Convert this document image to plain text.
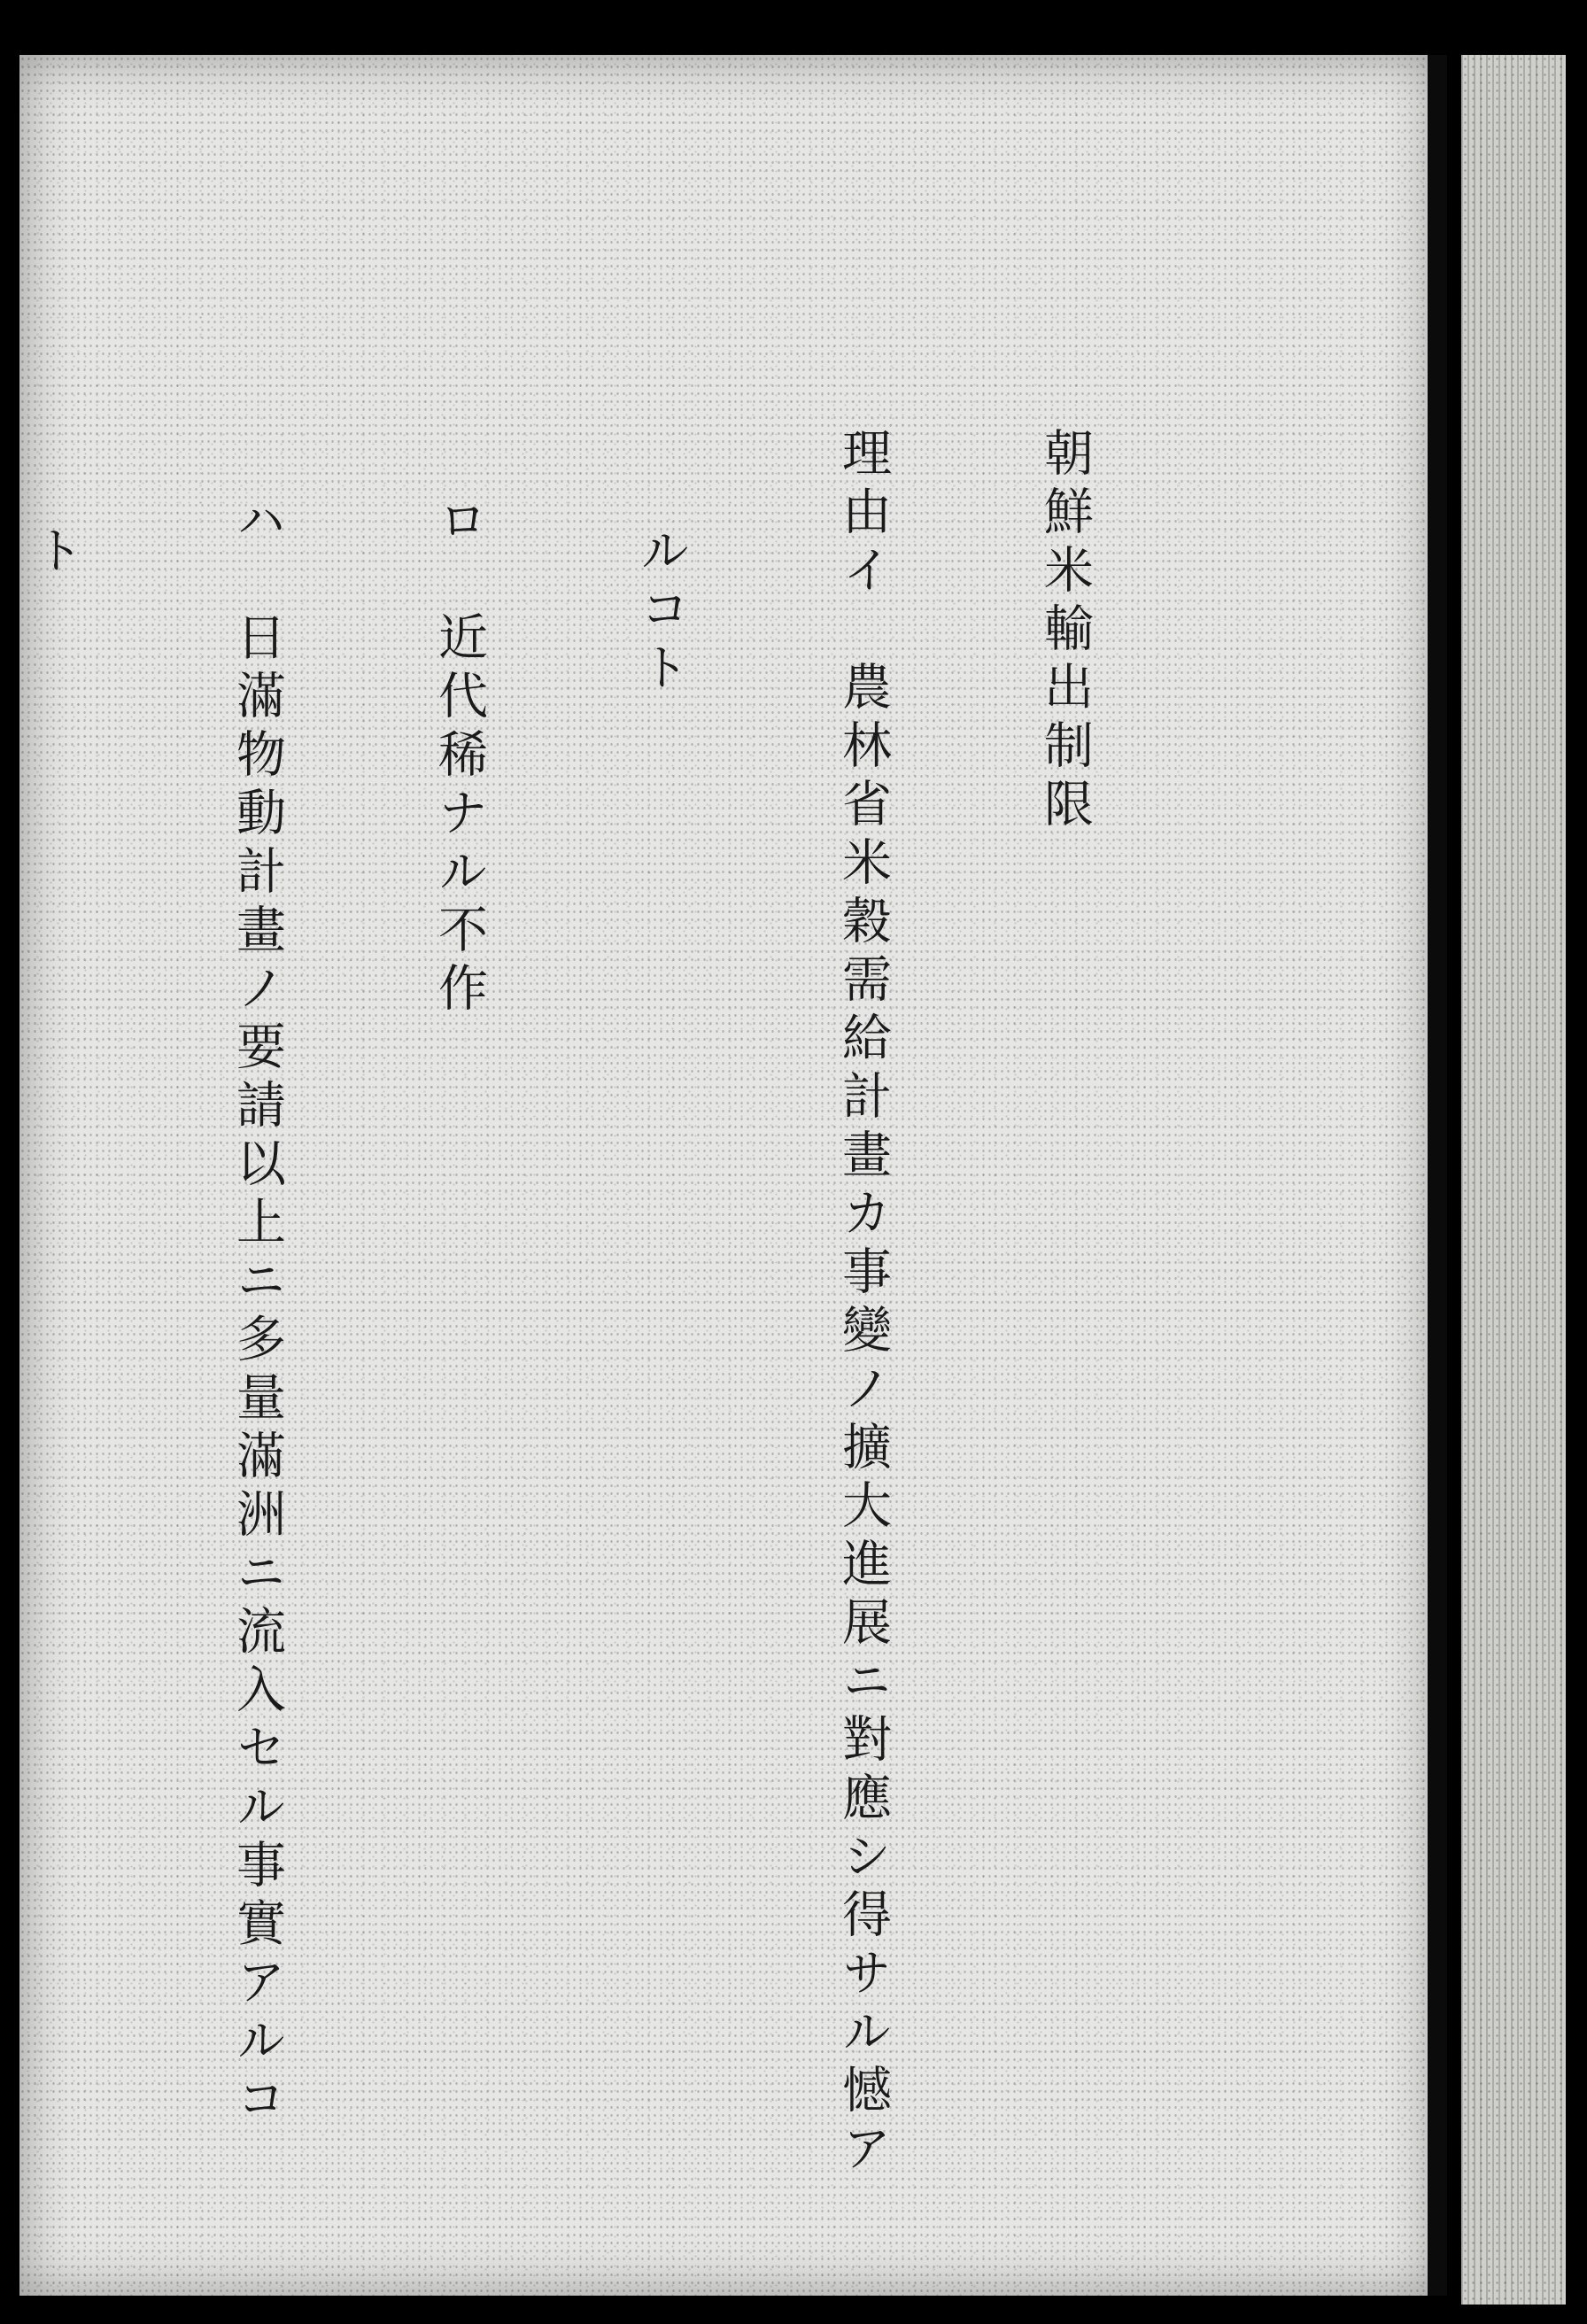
朝鮮米輸出制限

理由イ　農林省米穀需給計畫カ事變ノ擴大進展ニ對應シ得サル憾ア

ルコト

ロ　近代稀ナル不作

ハ　日滿物動計畫ノ要請以上ニ多量滿洲ニ流入セル事實アルコ

ト
